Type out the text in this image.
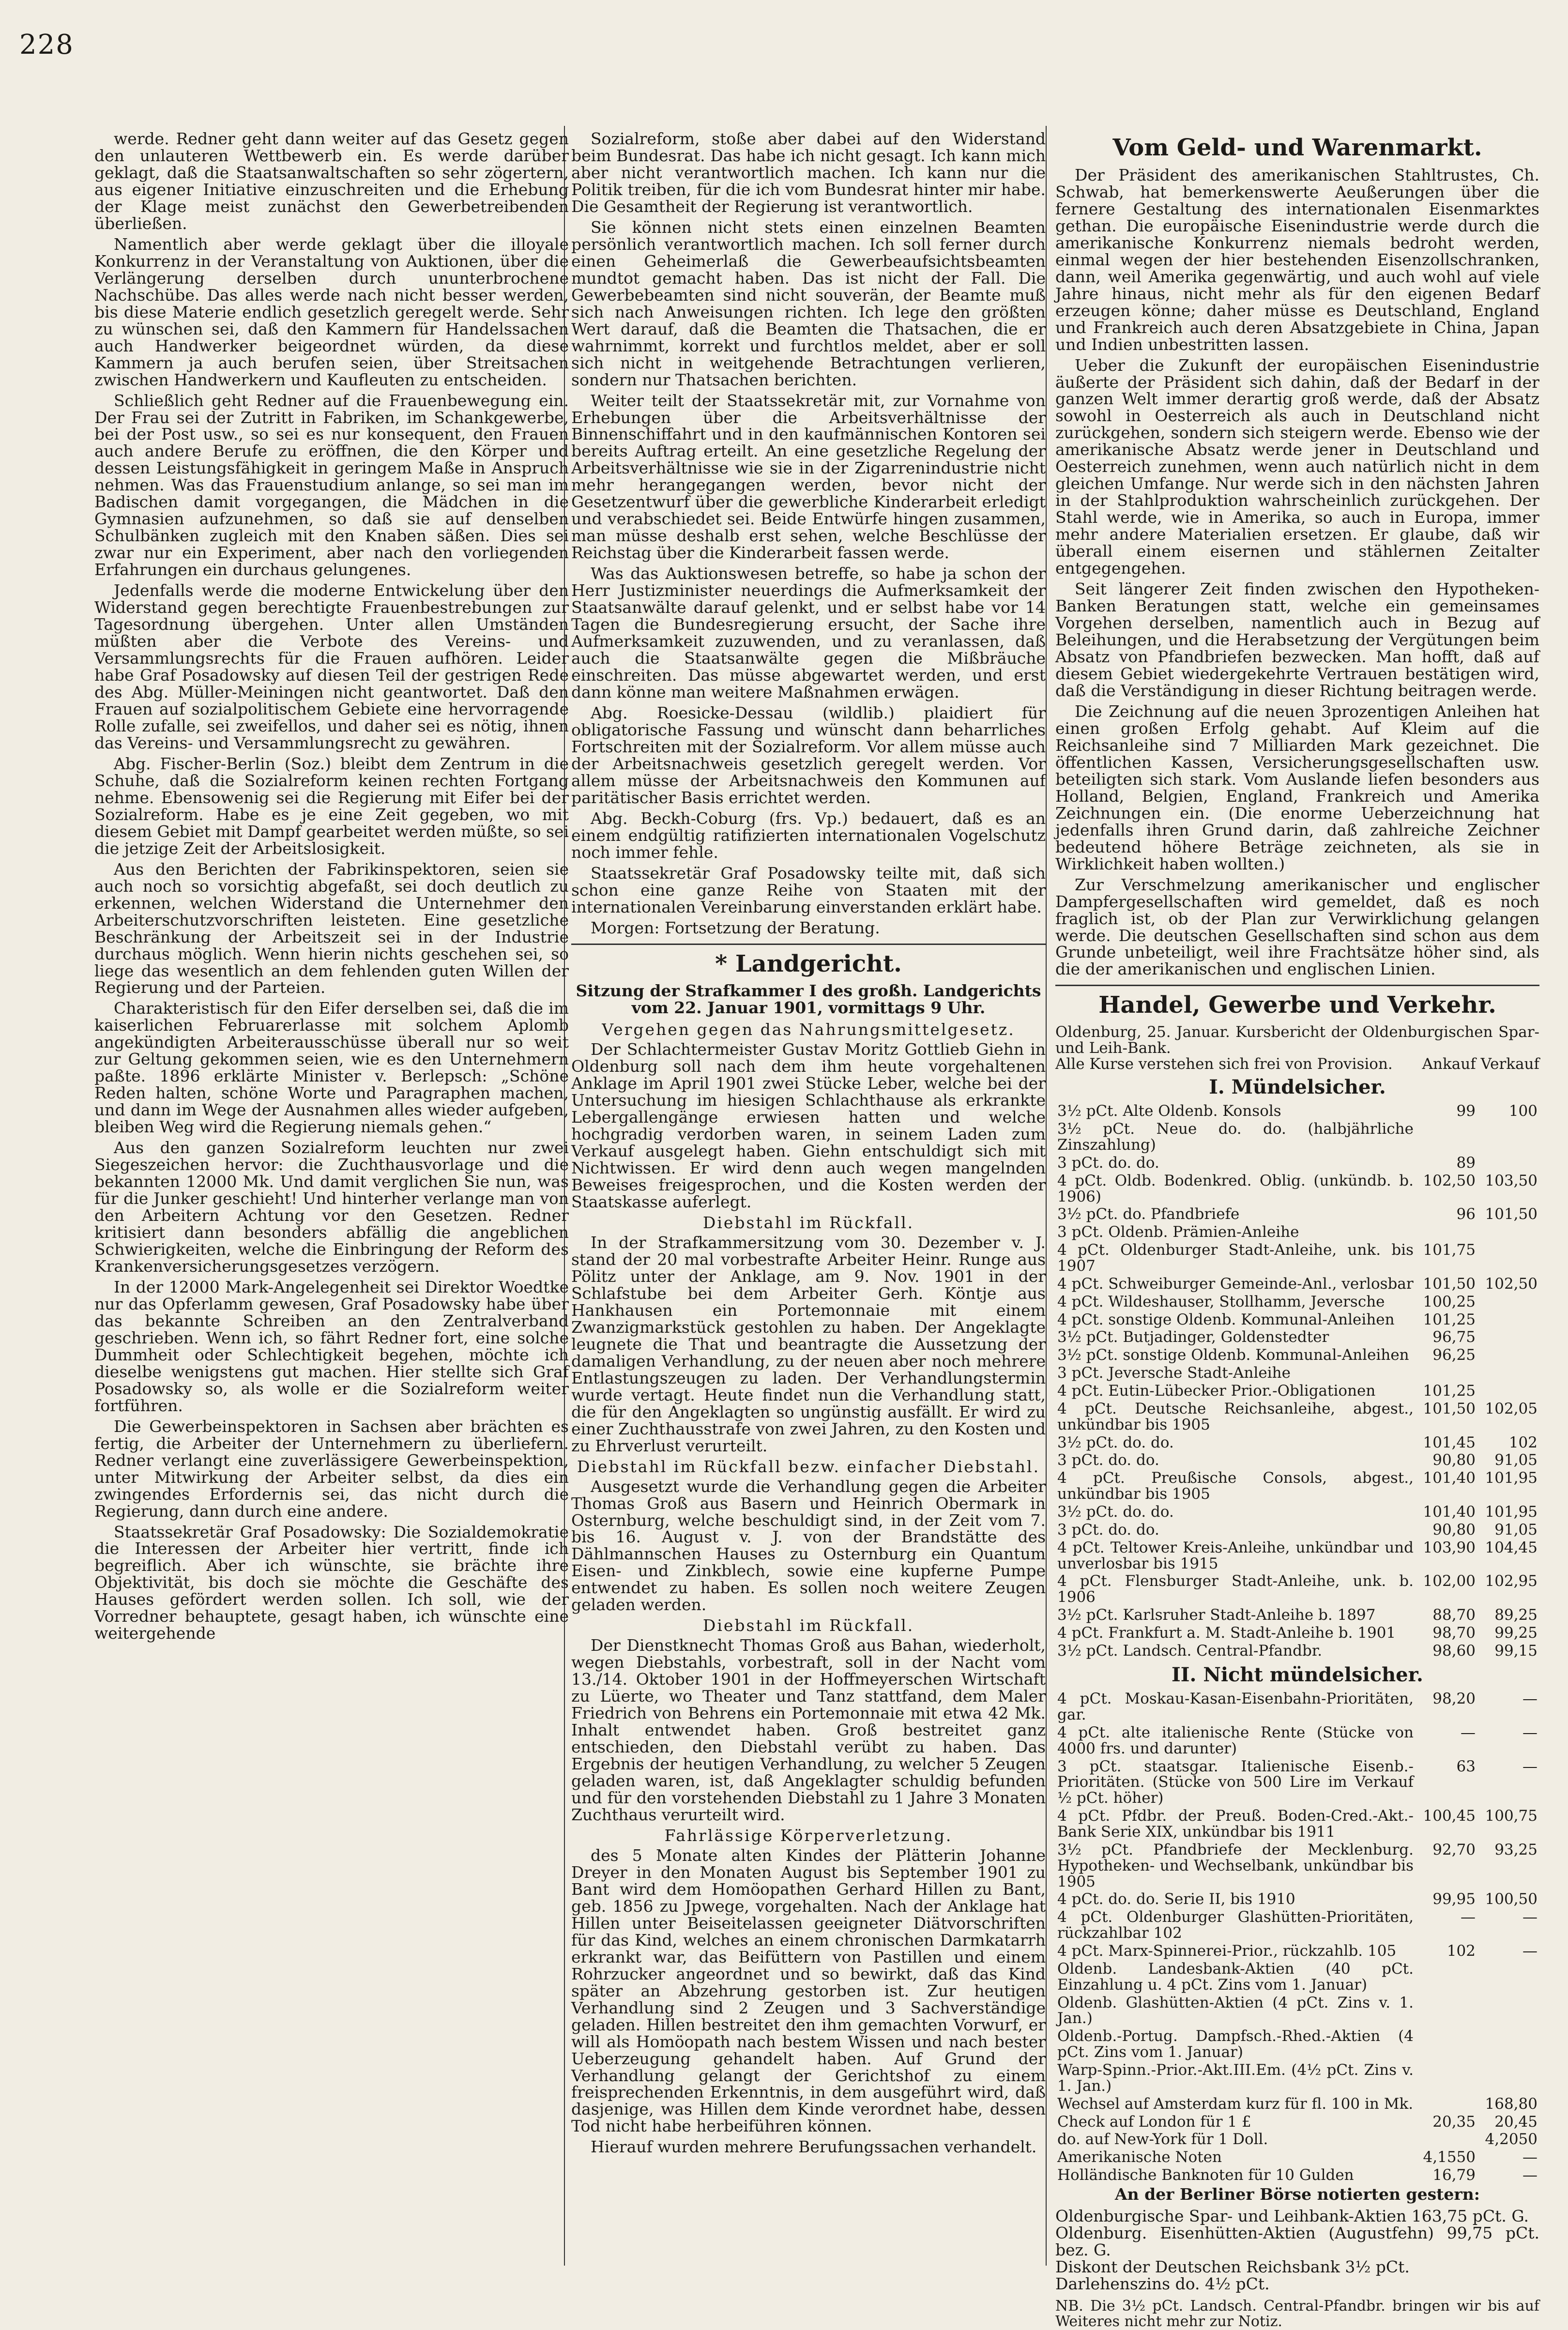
228

werde. Redner geht dann weiter auf das Gesetz gegen den unlauteren Wettbewerb ein. Es werde darüber geklagt, daß die Staatsanwaltschaften so sehr zögertern, aus eigener Initiative einzuschreiten und die Erhebung der Klage meist zunächst den Gewerbetreibenden überließen.

Namentlich aber werde geklagt über die illoyale Konkurrenz in der Veranstaltung von Auktionen, über die Verlängerung derselben durch ununterbrochene Nachschübe. Das alles werde nach nicht besser werden, bis diese Materie endlich gesetzlich geregelt werde. Sehr zu wünschen sei, daß den Kammern für Handelssachen auch Handwerker beigeordnet würden, da diese Kammern ja auch berufen seien, über Streitsachen zwischen Handwerkern und Kaufleuten zu entscheiden.

Schließlich geht Redner auf die Frauenbewegung ein. Der Frau sei der Zutritt in Fabriken, im Schankgewerbe, bei der Post usw., so sei es nur konsequent, den Frauen auch andere Berufe zu eröffnen, die den Körper und dessen Leistungsfähigkeit in geringem Maße in Anspruch nehmen. Was das Frauenstudium anlange, so sei man im Badischen damit vorgegangen, die Mädchen in die Gymnasien aufzunehmen, so daß sie auf denselben Schulbänken zugleich mit den Knaben säßen. Dies sei zwar nur ein Experiment, aber nach den vorliegenden Erfahrungen ein durchaus gelungenes.

Jedenfalls werde die moderne Entwickelung über den Widerstand gegen berechtigte Frauenbestrebungen zur Tagesordnung übergehen. Unter allen Umständen müßten aber die Verbote des Vereins- und Versammlungsrechts für die Frauen aufhören. Leider habe Graf Posadowsky auf diesen Teil der gestrigen Rede des Abg. Müller-Meiningen nicht geantwortet. Daß den Frauen auf sozialpolitischem Gebiete eine hervorragende Rolle zufalle, sei zweifellos, und daher sei es nötig, ihnen das Vereins- und Versammlungsrecht zu gewähren.

Abg. Fischer-Berlin (Soz.) bleibt dem Zentrum in die Schuhe, daß die Sozialreform keinen rechten Fortgang nehme. Ebensowenig sei die Regierung mit Eifer bei der Sozialreform. Habe es je eine Zeit gegeben, wo mit diesem Gebiet mit Dampf gearbeitet werden müßte, so sei die jetzige Zeit der Arbeitslosigkeit.

Aus den Berichten der Fabrikinspektoren, seien sie auch noch so vorsichtig abgefaßt, sei doch deutlich zu erkennen, welchen Widerstand die Unternehmer den Arbeiterschutzvorschriften leisteten. Eine gesetzliche Beschränkung der Arbeitszeit sei in der Industrie durchaus möglich. Wenn hierin nichts geschehen sei, so liege das wesentlich an dem fehlenden guten Willen der Regierung und der Parteien.

Charakteristisch für den Eifer derselben sei, daß die im kaiserlichen Februarerlasse mit solchem Aplomb angekündigten Arbeiterausschüsse überall nur so weit zur Geltung gekommen seien, wie es den Unternehmern paßte. 1896 erklärte Minister v. Berlepsch: „Schöne Reden halten, schöne Worte und Paragraphen machen, und dann im Wege der Ausnahmen alles wieder aufgeben, bleiben Weg wird die Regierung niemals gehen.“

Aus den ganzen Sozialreform leuchten nur zwei Siegeszeichen hervor: die Zuchthausvorlage und die bekannten 12000 Mk. Und damit verglichen Sie nun, was für die Junker geschieht! Und hinterher verlange man von den Arbeitern Achtung vor den Gesetzen. Redner kritisiert dann besonders abfällig die angeblichen Schwierigkeiten, welche die Einbringung der Reform des Krankenversicherungsgesetzes verzögern.

In der 12000 Mark-Angelegenheit sei Direktor Woedtke nur das Opferlamm gewesen, Graf Posadowsky habe über das bekannte Schreiben an den Zentralverband geschrieben. Wenn ich, so fährt Redner fort, eine solche Dummheit oder Schlechtigkeit begehen, möchte ich dieselbe wenigstens gut machen. Hier stellte sich Graf Posadowsky so, als wolle er die Sozialreform weiter fortführen.

Die Gewerbeinspektoren in Sachsen aber brächten es fertig, die Arbeiter der Unternehmern zu überliefern. Redner verlangt eine zuverlässigere Gewerbeinspektion, unter Mitwirkung der Arbeiter selbst, da dies ein zwingendes Erfordernis sei, das nicht durch die Regierung, dann durch eine andere.

Staatssekretär Graf Posadowsky: Die Sozialdemokratie die Interessen der Arbeiter hier vertritt, finde ich begreiflich. Aber ich wünschte, sie brächte ihre Objektivität, bis doch sie möchte die Geschäfte des Hauses gefördert werden sollen. Ich soll, wie der Vorredner behauptete, gesagt haben, ich wünschte eine weitergehende

Sozialreform, stoße aber dabei auf den Widerstand beim Bundesrat. Das habe ich nicht gesagt. Ich kann mich aber nicht verantwortlich machen. Ich kann nur die Politik treiben, für die ich vom Bundesrat hinter mir habe. Die Gesamtheit der Regierung ist verantwortlich.

Sie können nicht stets einen einzelnen Beamten persönlich verantwortlich machen. Ich soll ferner durch einen Geheimerlaß die Gewerbeaufsichtsbeamten mundtot gemacht haben. Das ist nicht der Fall. Die Gewerbebeamten sind nicht souverän, der Beamte muß sich nach Anweisungen richten. Ich lege den größten Wert darauf, daß die Beamten die Thatsachen, die er wahrnimmt, korrekt und furchtlos meldet, aber er soll sich nicht in weitgehende Betrachtungen verlieren, sondern nur Thatsachen berichten.

Weiter teilt der Staatssekretär mit, zur Vornahme von Erhebungen über die Arbeitsverhältnisse der Binnenschiffahrt und in den kaufmännischen Kontoren sei bereits Auftrag erteilt. An eine gesetzliche Regelung der Arbeitsverhältnisse wie sie in der Zigarrenindustrie nicht mehr herangegangen werden, bevor nicht der Gesetzentwurf über die gewerbliche Kinderarbeit erledigt und verabschiedet sei. Beide Entwürfe hingen zusammen, man müsse deshalb erst sehen, welche Beschlüsse der Reichstag über die Kinderarbeit fassen werde.

Was das Auktionswesen betreffe, so habe ja schon der Herr Justizminister neuerdings die Aufmerksamkeit der Staatsanwälte darauf gelenkt, und er selbst habe vor 14 Tagen die Bundesregierung ersucht, der Sache ihre Aufmerksamkeit zuzuwenden, und zu veranlassen, daß auch die Staatsanwälte gegen die Mißbräuche einschreiten. Das müsse abgewartet werden, und erst dann könne man weitere Maßnahmen erwägen.

Abg. Roesicke-Dessau (wildlib.) plaidiert für obligatorische Fassung und wünscht dann beharrliches Fortschreiten mit der Sozialreform. Vor allem müsse auch der Arbeitsnachweis gesetzlich geregelt werden. Vor allem müsse der Arbeitsnachweis den Kommunen auf paritätischer Basis errichtet werden.

Abg. Beckh-Coburg (frs. Vp.) bedauert, daß es an einem endgültig ratifizierten internationalen Vogelschutz noch immer fehle.

Staatssekretär Graf Posadowsky teilte mit, daß sich schon eine ganze Reihe von Staaten mit der internationalen Vereinbarung einverstanden erklärt habe.

Morgen: Fortsetzung der Beratung.

* Landgericht.
Sitzung der Strafkammer I des großh. Landgerichts vom 22. Januar 1901, vormittags 9 Uhr.
Vergehen gegen das Nahrungsmittelgesetz.

Der Schlachtermeister Gustav Moritz Gottlieb Giehn in Oldenburg soll nach dem ihm heute vorgehaltenen Anklage im April 1901 zwei Stücke Leber, welche bei der Untersuchung im hiesigen Schlachthause als erkrankte Lebergallengänge erwiesen hatten und welche hochgradig verdorben waren, in seinem Laden zum Verkauf ausgelegt haben. Giehn entschuldigt sich mit Nichtwissen. Er wird denn auch wegen mangelnden Beweises freigesprochen, und die Kosten werden der Staatskasse auferlegt.

Diebstahl im Rückfall.

In der Strafkammersitzung vom 30. Dezember v. J. stand der 20 mal vorbestrafte Arbeiter Heinr. Runge aus Pölitz unter der Anklage, am 9. Nov. 1901 in der Schlafstube bei dem Arbeiter Gerh. Köntje aus Hankhausen ein Portemonnaie mit einem Zwanzigmarkstück gestohlen zu haben. Der Angeklagte leugnete die That und beantragte die Aussetzung der damaligen Verhandlung, zu der neuen aber noch mehrere Entlastungszeugen zu laden. Der Verhandlungstermin wurde vertagt. Heute findet nun die Verhandlung statt, die für den Angeklagten so ungünstig ausfällt. Er wird zu einer Zuchthausstrafe von zwei Jahren, zu den Kosten und zu Ehrverlust verurteilt.

Diebstahl im Rückfall bezw. einfacher Diebstahl.

Ausgesetzt wurde die Verhandlung gegen die Arbeiter Thomas Groß aus Basern und Heinrich Obermark in Osternburg, welche beschuldigt sind, in der Zeit vom 7. bis 16. August v. J. von der Brandstätte des Dählmannschen Hauses zu Osternburg ein Quantum Eisen- und Zinkblech, sowie eine kupferne Pumpe entwendet zu haben. Es sollen noch weitere Zeugen geladen werden.

Diebstahl im Rückfall.

Der Dienstknecht Thomas Groß aus Bahan, wiederholt, wegen Diebstahls, vorbestraft, soll in der Nacht vom 13./14. Oktober 1901 in der Hoffmeyerschen Wirtschaft zu Lüerte, wo Theater und Tanz stattfand, dem Maler Friedrich von Behrens ein Portemonnaie mit etwa 42 Mk. Inhalt entwendet haben. Groß bestreitet ganz entschieden, den Diebstahl verübt zu haben. Das Ergebnis der heutigen Verhandlung, zu welcher 5 Zeugen geladen waren, ist, daß Angeklagter schuldig befunden und für den vorstehenden Diebstahl zu 1 Jahre 3 Monaten Zuchthaus verurteilt wird.

Fahrlässige Körperverletzung.

des 5 Monate alten Kindes der Plätterin Johanne Dreyer in den Monaten August bis September 1901 zu Bant wird dem Homöopathen Gerhard Hillen zu Bant, geb. 1856 zu Jpwege, vorgehalten. Nach der Anklage hat Hillen unter Beiseitelassen geeigneter Diätvorschriften für das Kind, welches an einem chronischen Darmkatarrh erkrankt war, das Beifüttern von Pastillen und einem Rohrzucker angeordnet und so bewirkt, daß das Kind später an Abzehrung gestorben ist. Zur heutigen Verhandlung sind 2 Zeugen und 3 Sachverständige geladen. Hillen bestreitet den ihm gemachten Vorwurf, er will als Homöopath nach bestem Wissen und nach bester Ueberzeugung gehandelt haben. Auf Grund der Verhandlung gelangt der Gerichtshof zu einem freisprechenden Erkenntnis, in dem ausgeführt wird, daß dasjenige, was Hillen dem Kinde verordnet habe, dessen Tod nicht habe herbeiführen können.

Hierauf wurden mehrere Berufungssachen verhandelt.

Vom Geld- und Warenmarkt.

Der Präsident des amerikanischen Stahltrustes, Ch. Schwab, hat bemerkenswerte Aeußerungen über die fernere Gestaltung des internationalen Eisenmarktes gethan. Die europäische Eisenindustrie werde durch die amerikanische Konkurrenz niemals bedroht werden, einmal wegen der hier bestehenden Eisenzollschranken, dann, weil Amerika gegenwärtig, und auch wohl auf viele Jahre hinaus, nicht mehr als für den eigenen Bedarf erzeugen könne; daher müsse es Deutschland, England und Frankreich auch deren Absatzgebiete in China, Japan und Indien unbestritten lassen.

Ueber die Zukunft der europäischen Eisenindustrie äußerte der Präsident sich dahin, daß der Bedarf in der ganzen Welt immer derartig groß werde, daß der Absatz sowohl in Oesterreich als auch in Deutschland nicht zurückgehen, sondern sich steigern werde. Ebenso wie der amerikanische Absatz werde jener in Deutschland und Oesterreich zunehmen, wenn auch natürlich nicht in dem gleichen Umfange. Nur werde sich in den nächsten Jahren in der Stahlproduktion wahrscheinlich zurückgehen. Der Stahl werde, wie in Amerika, so auch in Europa, immer mehr andere Materialien ersetzen. Er glaube, daß wir überall einem eisernen und stählernen Zeitalter entgegengehen.

Seit längerer Zeit finden zwischen den Hypotheken-Banken Beratungen statt, welche ein gemeinsames Vorgehen derselben, namentlich auch in Bezug auf Beleihungen, und die Herabsetzung der Vergütungen beim Absatz von Pfandbriefen bezwecken. Man hofft, daß auf diesem Gebiet wiedergekehrte Vertrauen bestätigen wird, daß die Verständigung in dieser Richtung beitragen werde.

Die Zeichnung auf die neuen 3prozentigen Anleihen hat einen großen Erfolg gehabt. Auf Kleim auf die Reichsanleihe sind 7 Milliarden Mark gezeichnet. Die öffentlichen Kassen, Versicherungsgesellschaften usw. beteiligten sich stark. Vom Auslande liefen besonders aus Holland, Belgien, England, Frankreich und Amerika Zeichnungen ein. (Die enorme Ueberzeichnung hat jedenfalls ihren Grund darin, daß zahlreiche Zeichner bedeutend höhere Beträge zeichneten, als sie in Wirklichkeit haben wollten.)

Zur Verschmelzung amerikanischer und englischer Dampfergesellschaften wird gemeldet, daß es noch fraglich ist, ob der Plan zur Verwirklichung gelangen werde. Die deutschen Gesellschaften sind schon aus dem Grunde unbeteiligt, weil ihre Frachtsätze höher sind, als die der amerikanischen und englischen Linien.

Handel, Gewerbe und Verkehr.
Oldenburg, 25. Januar. Kursbericht der Oldenburgischen Spar- und Leih-Bank.
Alle Kurse verstehen sich frei von Provision. Ankauf Verkauf
I. Mündelsicher.
3½ pCt. Alte Oldenb. Konsols	99	100
3½ pCt. Neue do. do. (halbjährliche Zinszahlung)		
3 pCt. do. do.	89	
4 pCt. Oldb. Bodenkred. Oblig. (unkündb. b. 1906)	102,50	103,50
3½ pCt. do. Pfandbriefe	96	101,50
3 pCt. Oldenb. Prämien-Anleihe		
4 pCt. Oldenburger Stadt-Anleihe, unk. bis 1907	101,75	
4 pCt. Schweiburger Gemeinde-Anl., verlosbar	101,50	102,50
4 pCt. Wildeshauser, Stollhamm, Jeversche	100,25	
4 pCt. sonstige Oldenb. Kommunal-Anleihen	101,25	
3½ pCt. Butjadinger, Goldenstedter	96,75	
3½ pCt. sonstige Oldenb. Kommunal-Anleihen	96,25	
3 pCt. Jeversche Stadt-Anleihe		
4 pCt. Eutin-Lübecker Prior.-Obligationen	101,25	
4 pCt. Deutsche Reichsanleihe, abgest., unkündbar bis 1905	101,50	102,05
3½ pCt. do. do.	101,45	102
3 pCt. do. do.	90,80	91,05
4 pCt. Preußische Consols, abgest., unkündbar bis 1905	101,40	101,95
3½ pCt. do. do.	101,40	101,95
3 pCt. do. do.	90,80	91,05
4 pCt. Teltower Kreis-Anleihe, unkündbar und unverlosbar bis 1915	103,90	104,45
4 pCt. Flensburger Stadt-Anleihe, unk. b. 1906	102,00	102,95
3½ pCt. Karlsruher Stadt-Anleihe b. 1897	88,70	89,25
4 pCt. Frankfurt a. M. Stadt-Anleihe b. 1901	98,70	99,25
3½ pCt. Landsch. Central-Pfandbr.	98,60	99,15
II. Nicht mündelsicher.
4 pCt. Moskau-Kasan-Eisenbahn-Prioritäten, gar.	98,20	—
4 pCt. alte italienische Rente (Stücke von 4000 frs. und darunter)	—	—
3 pCt. staatsgar. Italienische Eisenb.-Prioritäten. (Stücke von 500 Lire im Verkauf ½ pCt. höher)	63	—
4 pCt. Pfdbr. der Preuß. Boden-Cred.-Akt.-Bank Serie XIX, unkündbar bis 1911	100,45	100,75
3½ pCt. Pfandbriefe der Mecklenburg. Hypotheken- und Wechselbank, unkündbar bis 1905	92,70	93,25
4 pCt. do. do. Serie II, bis 1910	99,95	100,50
4 pCt. Oldenburger Glashütten-Prioritäten, rückzahlbar 102	—	—
4 pCt. Marx-Spinnerei-Prior., rückzahlb. 105	102	—
Oldenb. Landesbank-Aktien (40 pCt. Einzahlung u. 4 pCt. Zins vom 1. Januar)		
Oldenb. Glashütten-Aktien (4 pCt. Zins v. 1. Jan.)		
Oldenb.-Portug. Dampfsch.-Rhed.-Aktien (4 pCt. Zins vom 1. Januar)		
Warp-Spinn.-Prior.-Akt.III.Em. (4½ pCt. Zins v. 1. Jan.)		
Wechsel auf Amsterdam kurz für fl. 100 in Mk.		168,80
Check auf London für 1 £	20,35	20,45
do. auf New-York für 1 Doll.		4,2050
Amerikanische Noten	4,1550	—
Holländische Banknoten für 10 Gulden	16,79	—
An der Berliner Börse notierten gestern:
Oldenburgische Spar- und Leihbank-Aktien 163,75 pCt. G.
Oldenburg. Eisenhütten-Aktien (Augustfehn) 99,75 pCt. bez. G.
Diskont der Deutschen Reichsbank 3½ pCt.
Darlehenszins do. 4½ pCt.
NB. Die 3½ pCt. Landsch. Central-Pfandbr. bringen wir bis auf Weiteres nicht mehr zur Notiz.
